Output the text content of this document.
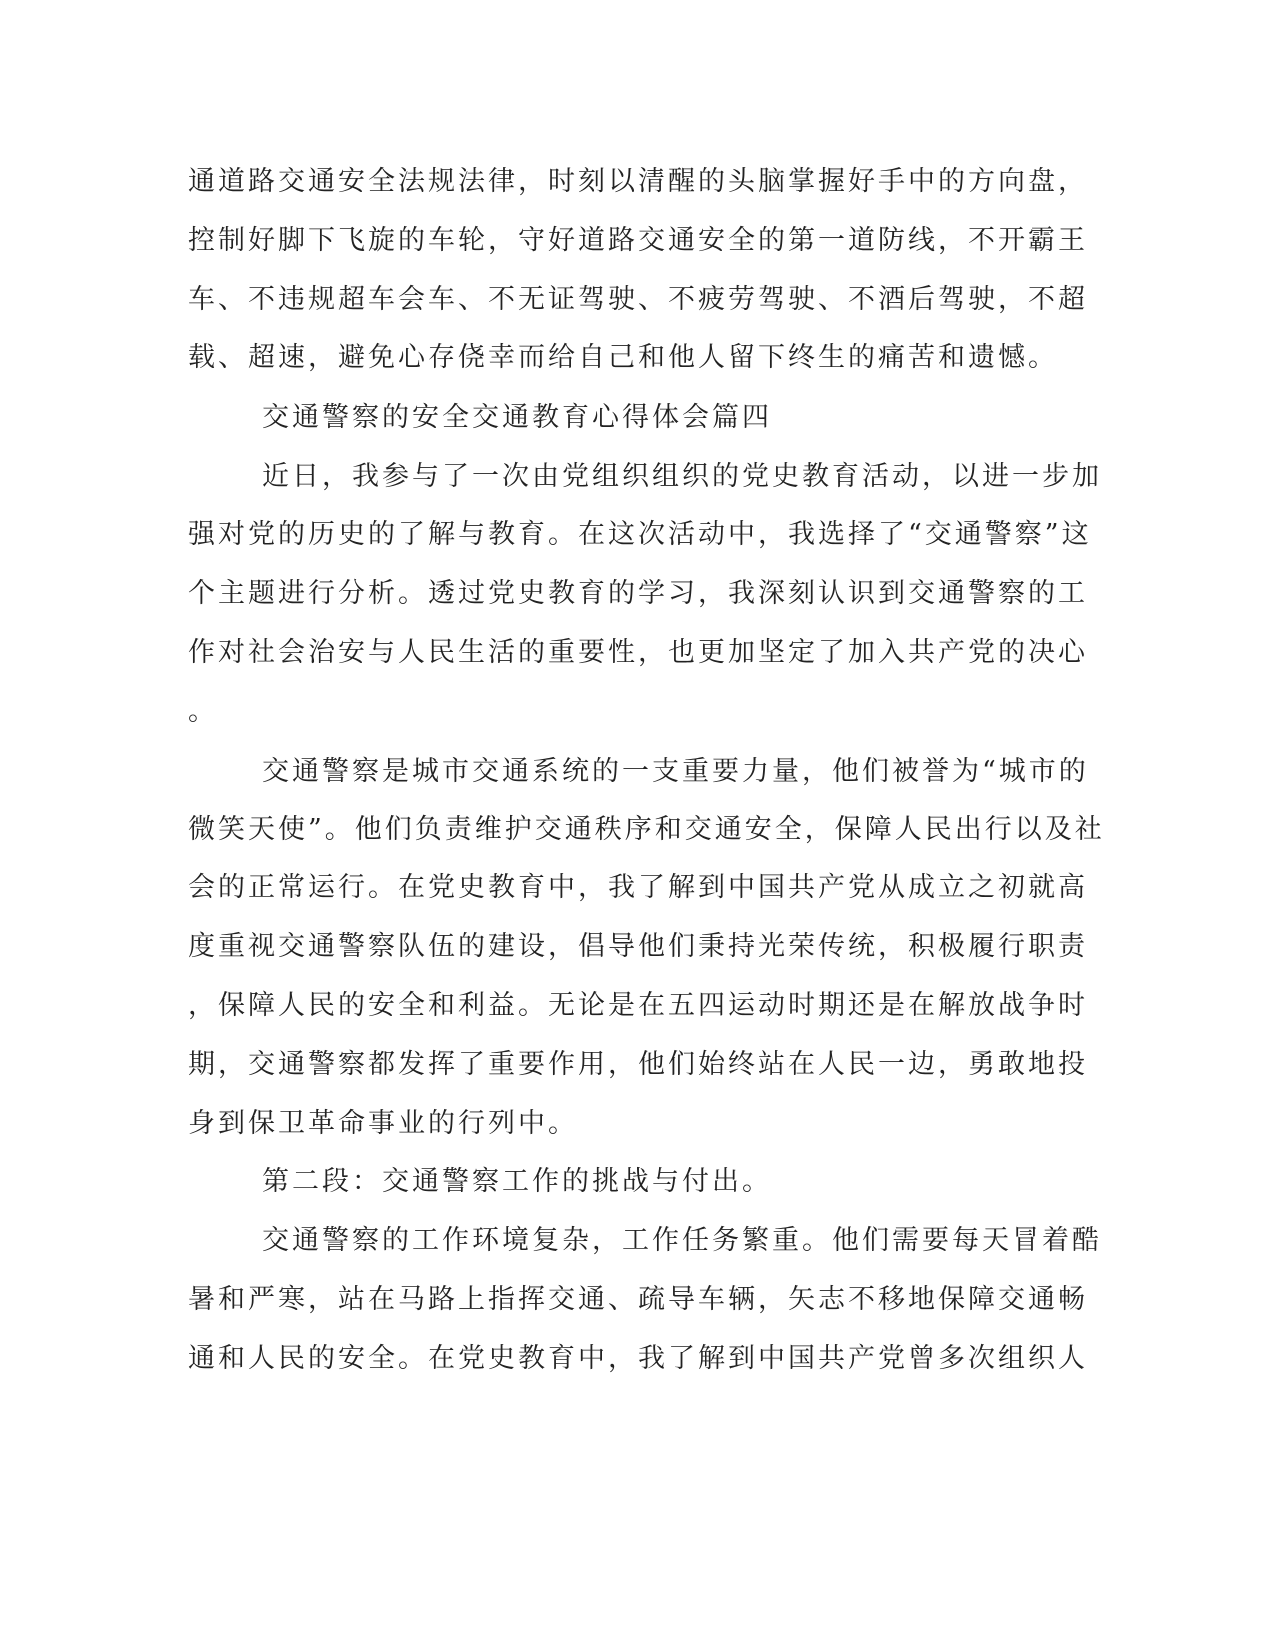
通道路交通安全法规法律，时刻以清醒的头脑掌握好手中的方向盘，
控制好脚下飞旋的车轮，守好道路交通安全的第一道防线，不开霸王
车、不违规超车会车、不无证驾驶、不疲劳驾驶、不酒后驾驶，不超
载、超速，避免心存侥幸而给自己和他人留下终生的痛苦和遗憾。
交通警察的安全交通教育心得体会篇四
近日，我参与了一次由党组织组织的党史教育活动，以进一步加
强对党的历史的了解与教育。在这次活动中，我选择了“交通警察”这
个主题进行分析。透过党史教育的学习，我深刻认识到交通警察的工
作对社会治安与人民生活的重要性，也更加坚定了加入共产党的决心
。
交通警察是城市交通系统的一支重要力量，他们被誉为“城市的
微笑天使”。他们负责维护交通秩序和交通安全，保障人民出行以及社
会的正常运行。在党史教育中，我了解到中国共产党从成立之初就高
度重视交通警察队伍的建设，倡导他们秉持光荣传统，积极履行职责
，保障人民的安全和利益。无论是在五四运动时期还是在解放战争时
期，交通警察都发挥了重要作用，他们始终站在人民一边，勇敢地投
身到保卫革命事业的行列中。
第二段：交通警察工作的挑战与付出。
交通警察的工作环境复杂，工作任务繁重。他们需要每天冒着酷
暑和严寒，站在马路上指挥交通、疏导车辆，矢志不移地保障交通畅
通和人民的安全。在党史教育中，我了解到中国共产党曾多次组织人
